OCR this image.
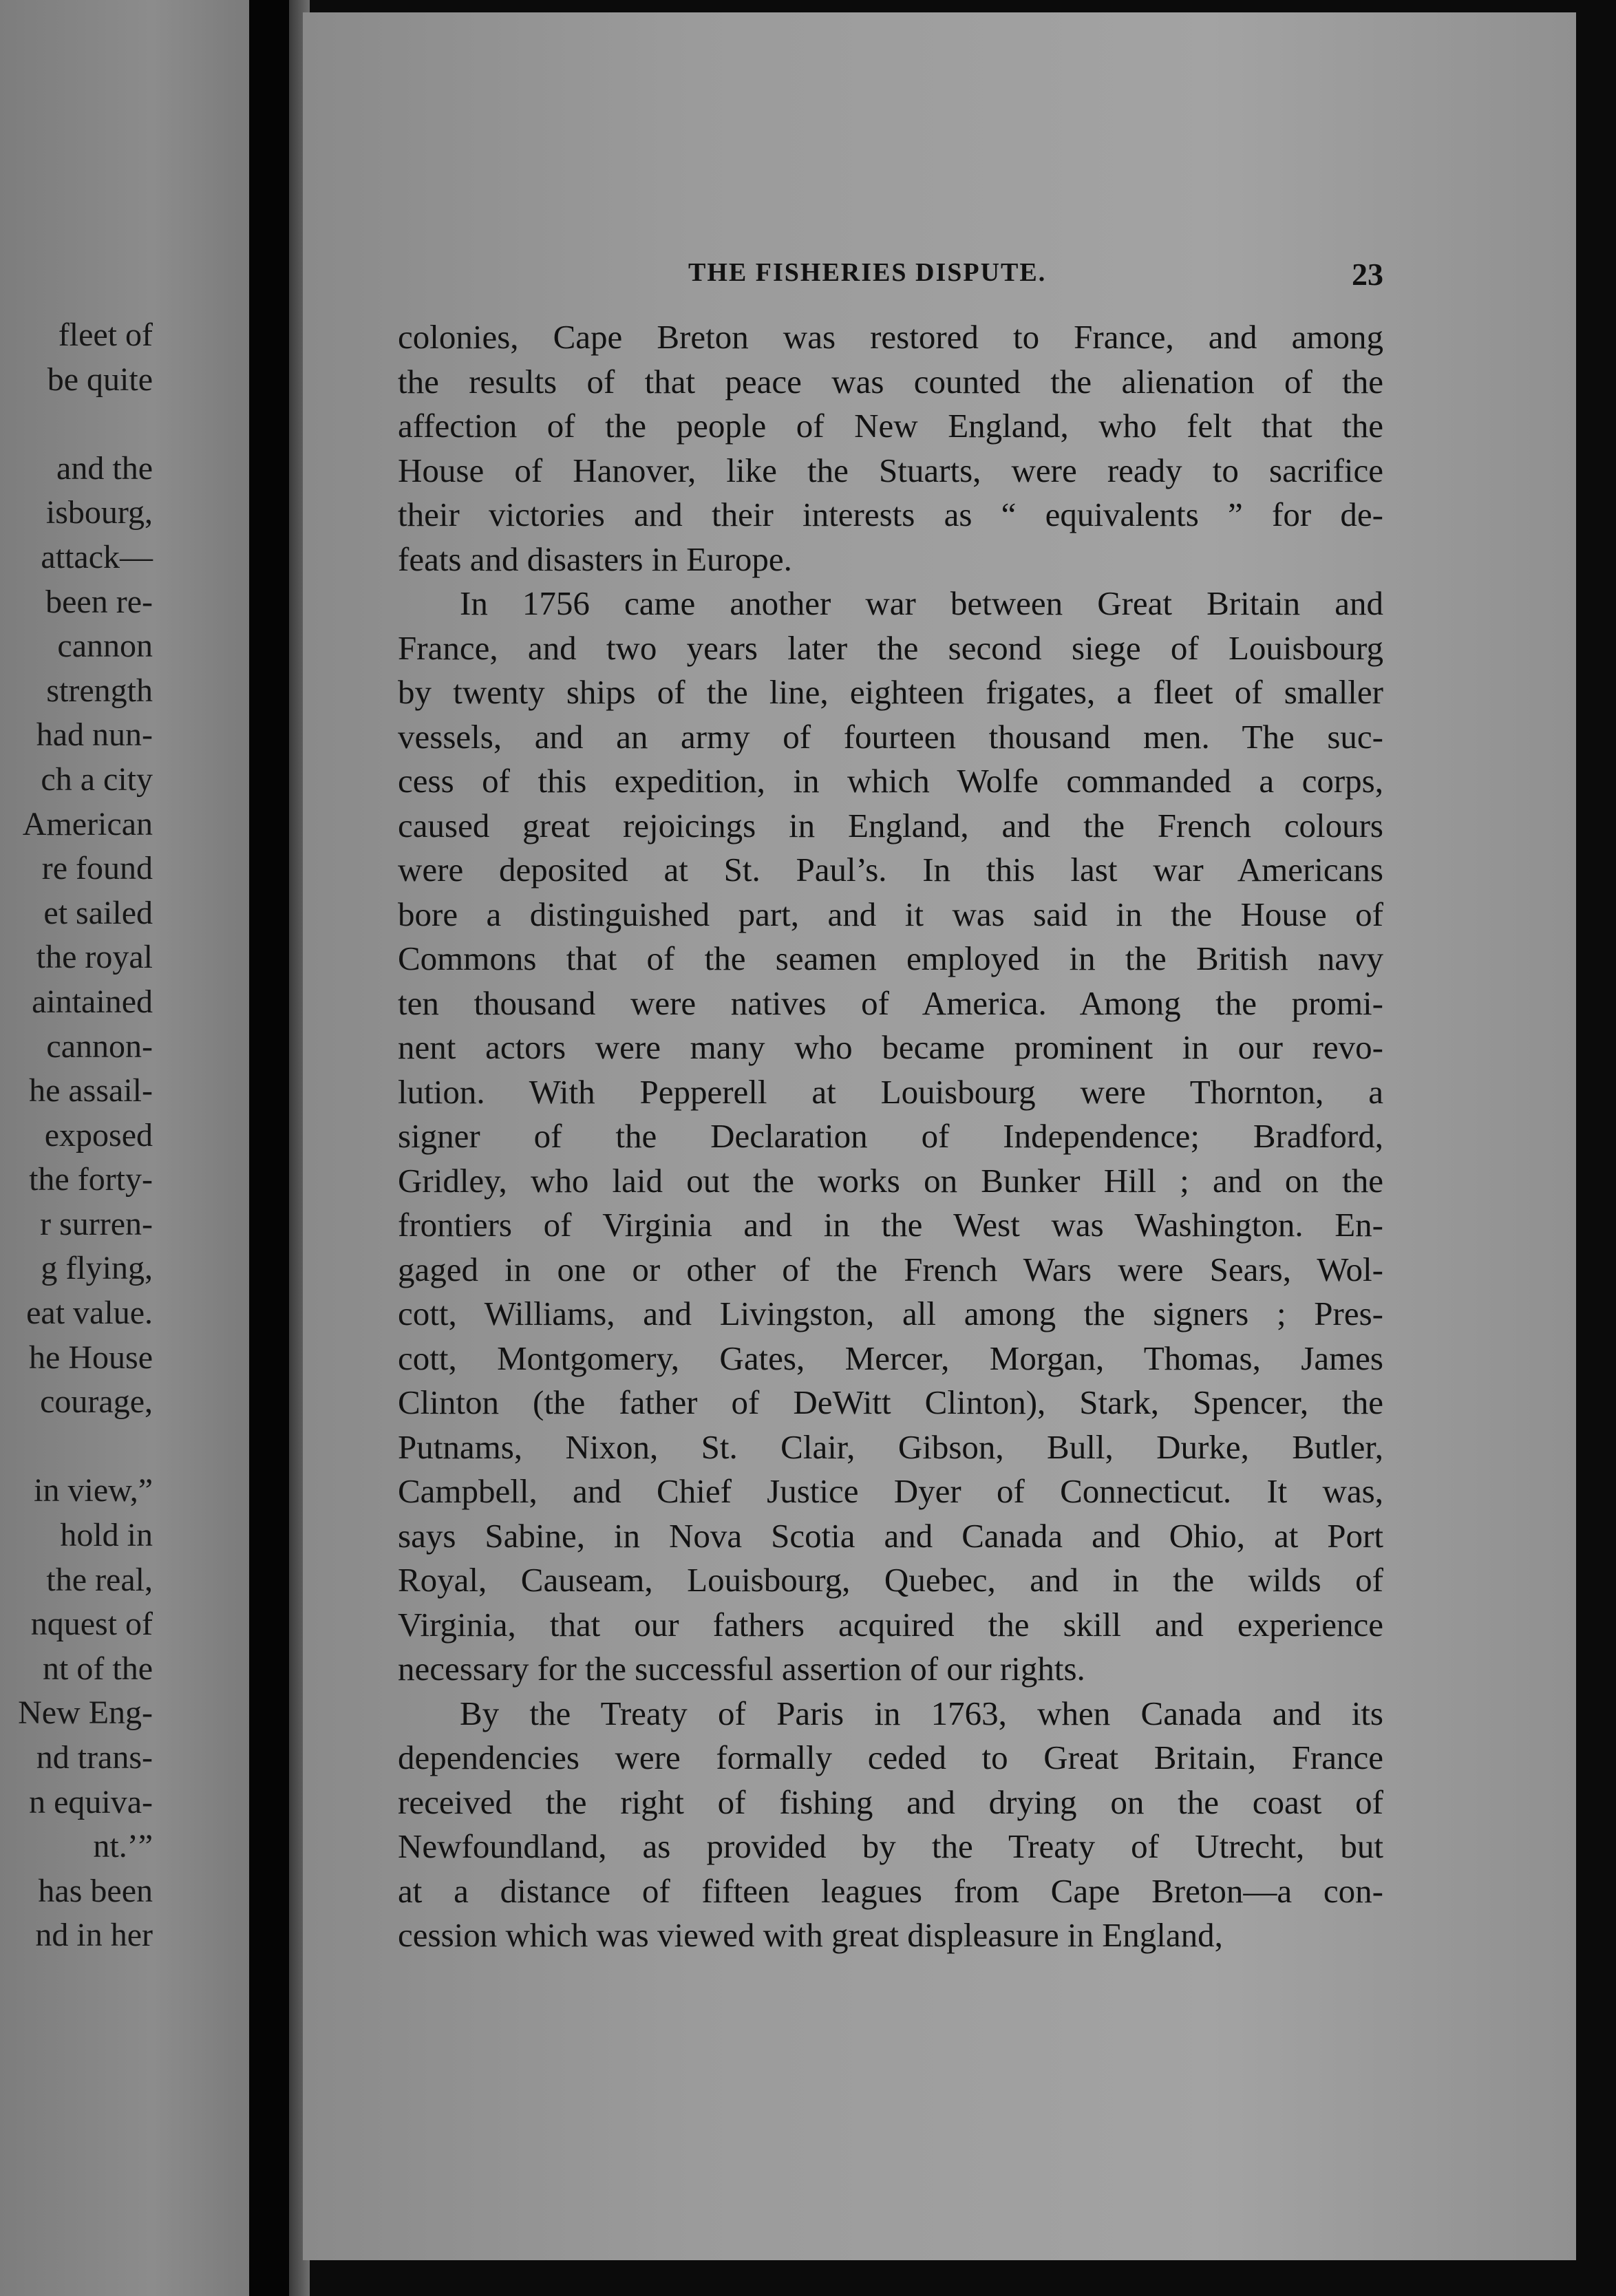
fleet of
be quite
and the
isbourg,
attack—
been re-
cannon
strength
had nun-
ch a city
American
re found
et sailed
the royal
aintained
cannon-
he assail-
exposed
the forty-
r surren-
g flying,
eat value.
he House
courage,
in view,”
hold in
the real,
nquest of
nt of the
New Eng-
nd trans-
n equiva-
nt.’”
has been
nd in her
THE FISHERIES DISPUTE.	23
colonies, Cape Breton was restored to France, and among
the results of that peace was counted the alienation of the
affection of the people of New England, who felt that the
House of Hanover, like the Stuarts, were ready to sacrifice
their victories and their interests as “ equivalents ” for de-
feats and disasters in Europe.
In 1756 came another war between Great Britain and
France, and two years later the second siege of Louisbourg
by twenty ships of the line, eighteen frigates, a fleet of smaller
vessels, and an army of fourteen thousand men. The suc-
cess of this expedition, in which Wolfe commanded a corps,
caused great rejoicings in England, and the French colours
were deposited at St. Paul’s. In this last war Americans
bore a distinguished part, and it was said in the House of
Commons that of the seamen employed in the British navy
ten thousand were natives of America. Among the promi-
nent actors were many who became prominent in our revo-
lution. With Pepperell at Louisbourg were Thornton, a
signer of the Declaration of Independence; Bradford,
Gridley, who laid out the works on Bunker Hill ; and on the
frontiers of Virginia and in the West was Washington. En-
gaged in one or other of the French Wars were Sears, Wol-
cott, Williams, and Livingston, all among the signers ; Pres-
cott, Montgomery, Gates, Mercer, Morgan, Thomas, James
Clinton (the father of DeWitt Clinton), Stark, Spencer, the
Putnams, Nixon, St. Clair, Gibson, Bull, Durke, Butler,
Campbell, and Chief Justice Dyer of Connecticut. It was,
says Sabine, in Nova Scotia and Canada and Ohio, at Port
Royal, Causeam, Louisbourg, Quebec, and in the wilds of
Virginia, that our fathers acquired the skill and experience
necessary for the successful assertion of our rights.
By the Treaty of Paris in 1763, when Canada and its
dependencies were formally ceded to Great Britain, France
received the right of fishing and drying on the coast of
Newfoundland, as provided by the Treaty of Utrecht, but
at a distance of fifteen leagues from Cape Breton—a con-
cession which was viewed with great displeasure in England,
